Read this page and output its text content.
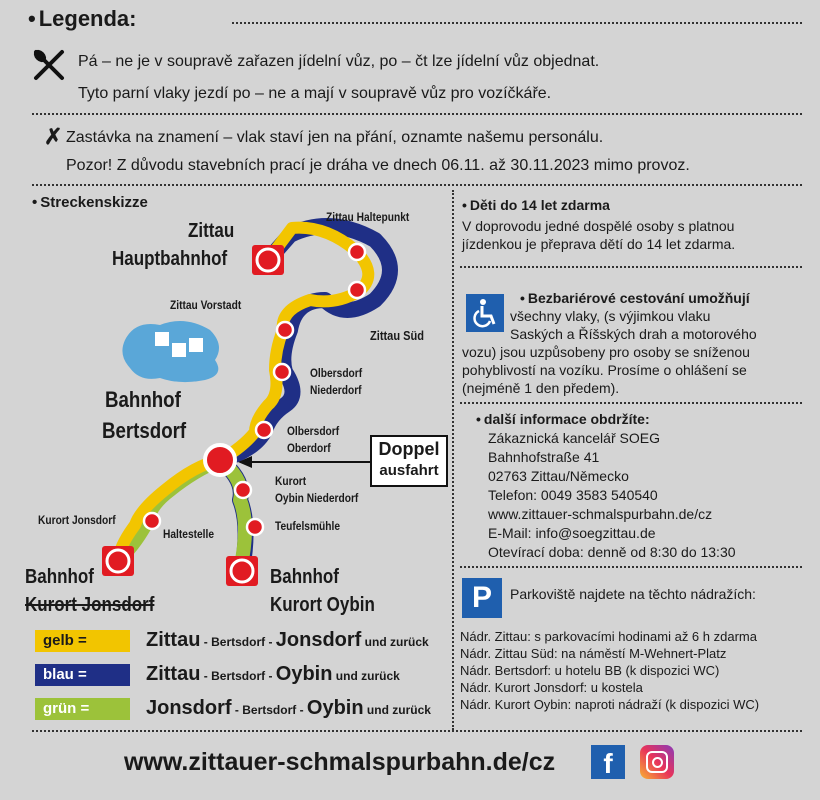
• Legenda:
Pá – ne je v soupravě zařazen jídelní vůz, po – čt lze jídelní vůz objednat.
Tyto parní vlaky jezdí po – ne a mají v soupravě vůz pro vozíčkáře.
✗ Zastávka na znamení – vlak staví jen na přání, oznamte našemu personálu.
Pozor! Z důvodu stavebních prací je dráha ve dnech 06.11. až 30.11.2023 mimo provoz.
• Streckenskizze
Zittau
Hauptbahnhof
Zittau Haltepunkt
Zittau Vorstadt
Zittau Süd
Olbersdorf
Niederdorf
Bahnhof
Bertsdorf	Olbersdorf
Oberdorf
Kurort
Oybin Niederdorf
Kurort Jonsdorf
Haltestelle
Teufelsmühle
Bahnhof
Kurort Jonsdorf
Bahnhof
Kurort Oybin
Doppel
ausfahrt
gelb =	Zittau - Bertsdorf - Jonsdorf und zurück
blau =	Zittau - Bertsdorf - Oybin und zurück
grün =	Jonsdorf - Bertsdorf - Oybin und zurück
• Děti do 14 let zdarma
V doprovodu jedné dospělé osoby s platnou
jízdenkou je přeprava dětí do 14 let zdarma.
• Bezbariérové cestování umožňují
všechny vlaky, (s výjimkou vlaku
Saských a Říšských drah a motorového
vozu) jsou uzpůsobeny pro osoby se sníženou
pohyblivostí na vozíku. Prosíme o ohlášení se
(nejméně 1 den předem).
• další informace obdržíte:
Zákaznická kancelář SOEG
Bahnhofstraße 41
02763 Zittau/Německo
Telefon: 0049 3583 540540
www.zittauer-schmalspurbahn.de/cz
E-Mail: info@soegzittau.de
Otevírací doba: denně od 8:30 do 13:30
P	Parkoviště najdete na těchto nádražích:
Nádr. Zittau: s parkovacími hodinami až 6 h zdarma
Nádr. Zittau Süd: na náměstí M-Wehnert-Platz
Nádr. Bertsdorf: u hotelu BB (k dispozici WC)
Nádr. Kurort Jonsdorf: u kostela
Nádr. Kurort Oybin: naproti nádraží (k dispozici WC)
www.zittauer-schmalspurbahn.de/cz	f
